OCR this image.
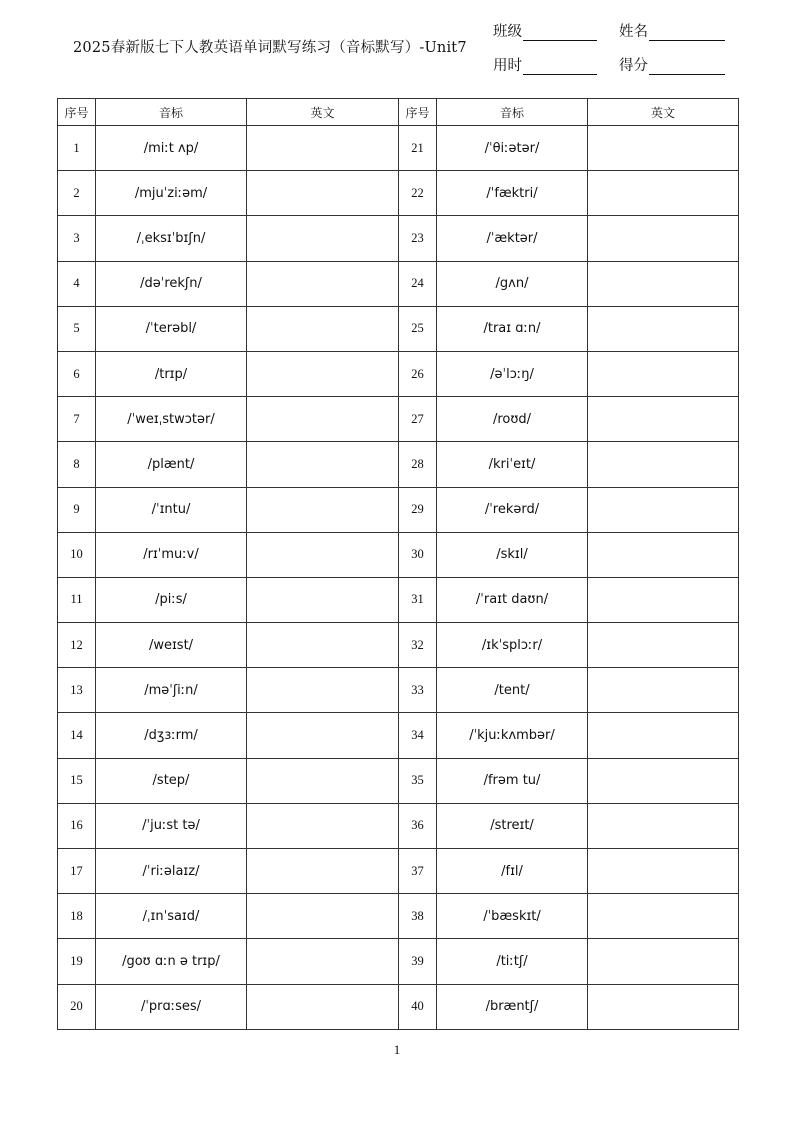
2025春新版七下人教英语单词默写练习（音标默写）-Unit7
班级	姓名
用时	得分
序号	音标	英文	序号	音标	英文
1	/miːt ʌp/		21	/ˈθiːətər/	
2	/mjuˈziːəm/		22	/ˈfæktri/	
3	/ˌeksɪˈbɪʃn/		23	/ˈæktər/	
4	/dəˈrekʃn/		24	/gʌn/	
5	/ˈterəbl/		25	/traɪ ɑːn/	
6	/trɪp/		26	/əˈlɔːŋ/	
7	/ˈweɪˌstwɔtər/		27	/roʊd/	
8	/plænt/		28	/kriˈeɪt/	
9	/ˈɪntu/		29	/ˈrekərd/	
10	/rɪˈmuːv/		30	/skɪl/	
11	/piːs/		31	/ˈraɪt daʊn/	
12	/weɪst/		32	/ɪkˈsplɔːr/	
13	/məˈʃiːn/		33	/tent/	
14	/dʒɜːrm/		34	/ˈkjuːkʌmbər/	
15	/step/		35	/frəm tu/	
16	/ˈjuːst tə/		36	/streɪt/	
17	/ˈriːəlaɪz/		37	/fɪl/	
18	/ˌɪnˈsaɪd/		38	/ˈbæskɪt/	
19	/goʊ ɑːn ə trɪp/		39	/tiːtʃ/	
20	/ˈprɑːses/		40	/bræntʃ/	
1
